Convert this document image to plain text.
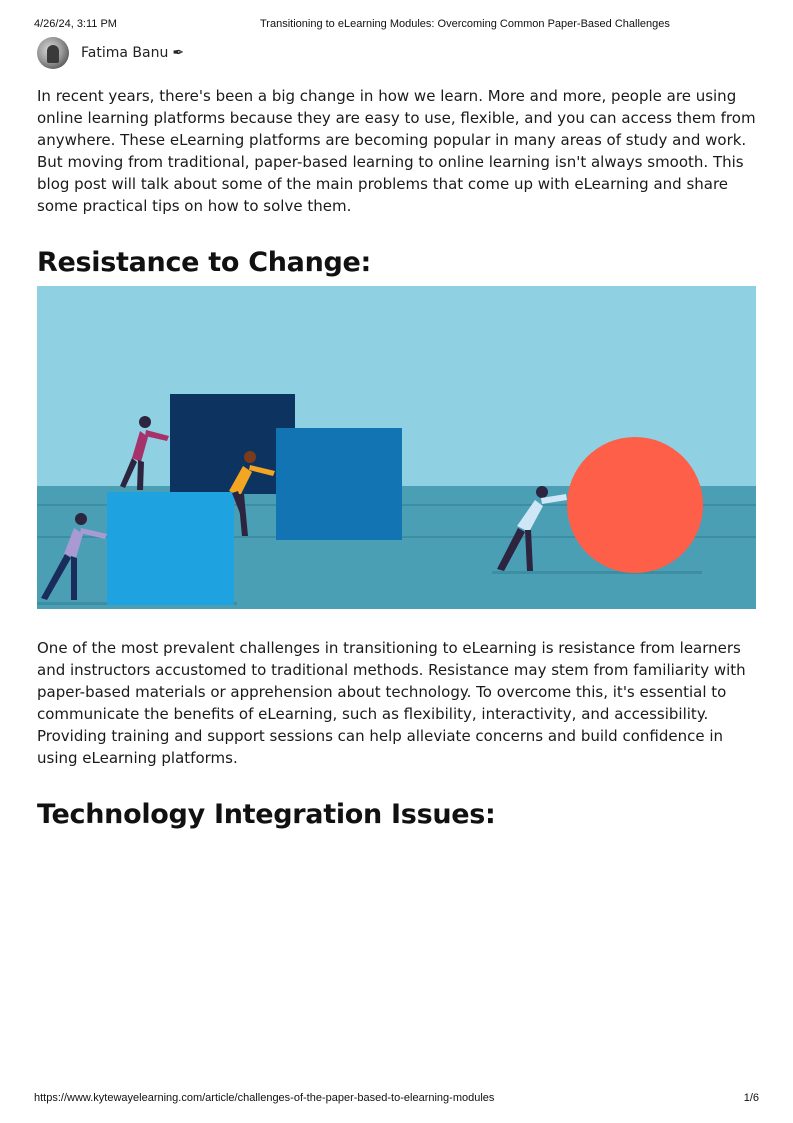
4/26/24, 3:11 PM	Transitioning to eLearning Modules: Overcoming Common Paper-Based Challenges
Fatima Banu ✒

In recent years, there's been a big change in how we learn. More and more, people are using online learning platforms because they are easy to use, flexible, and you can access them from anywhere. These eLearning platforms are becoming popular in many areas of study and work. But moving from traditional, paper-based learning to online learning isn't always smooth. This blog post will talk about some of the main problems that come up with eLearning and share some practical tips on how to solve them.

Resistance to Change:

One of the most prevalent challenges in transitioning to eLearning is resistance from learners and instructors accustomed to traditional methods. Resistance may stem from familiarity with paper-based materials or apprehension about technology. To overcome this, it's essential to communicate the benefits of eLearning, such as flexibility, interactivity, and accessibility. Providing training and support sessions can help alleviate concerns and build confidence in using eLearning platforms.

Technology Integration Issues:
https://www.kytewayelearning.com/article/challenges-of-the-paper-based-to-elearning-modules	1/6
